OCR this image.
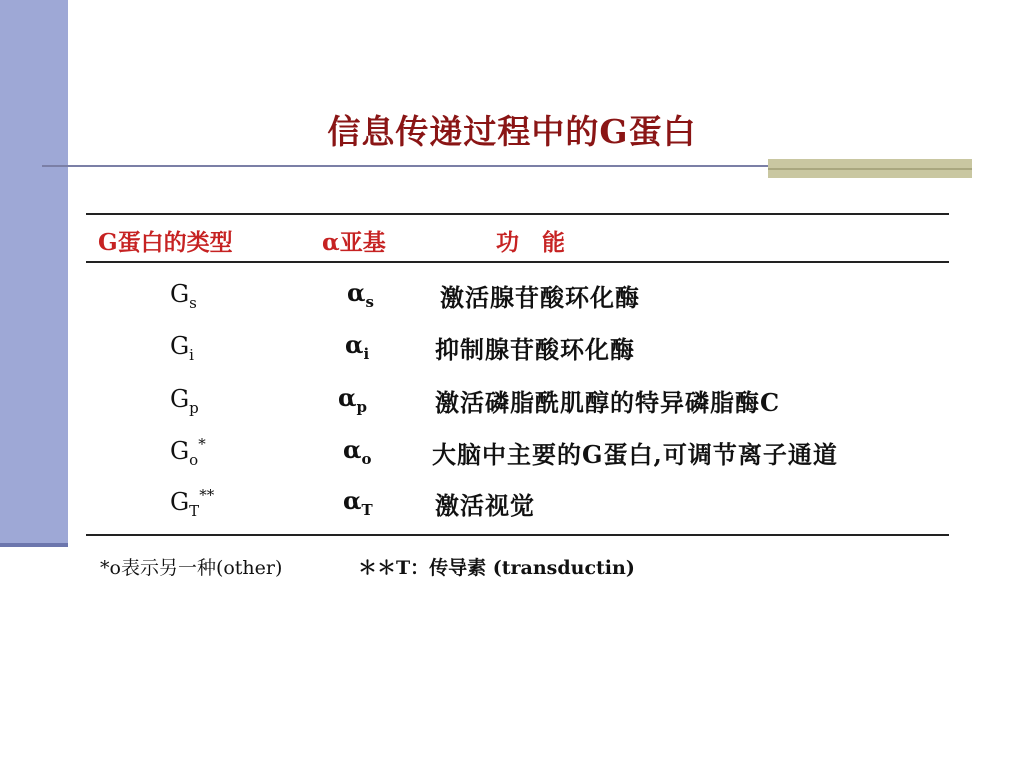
信息传递过程中的G蛋白
G蛋白的类型	α亚基	功　能
$G_s$	$\alpha_s$	激活腺苷酸环化酶
$G_i$	$\alpha_i$	抑制腺苷酸环化酶
$G_p$	$\alpha_p$	激活磷脂酰肌醇的特异磷脂酶C
$G_o^*$	$\alpha_o$	大脑中主要的G蛋白,可调节离子通道
$G_T^{**}$	$\alpha_T$	激活视觉
*o表示另一种(other)	＊＊T：传导素 (transductin)
